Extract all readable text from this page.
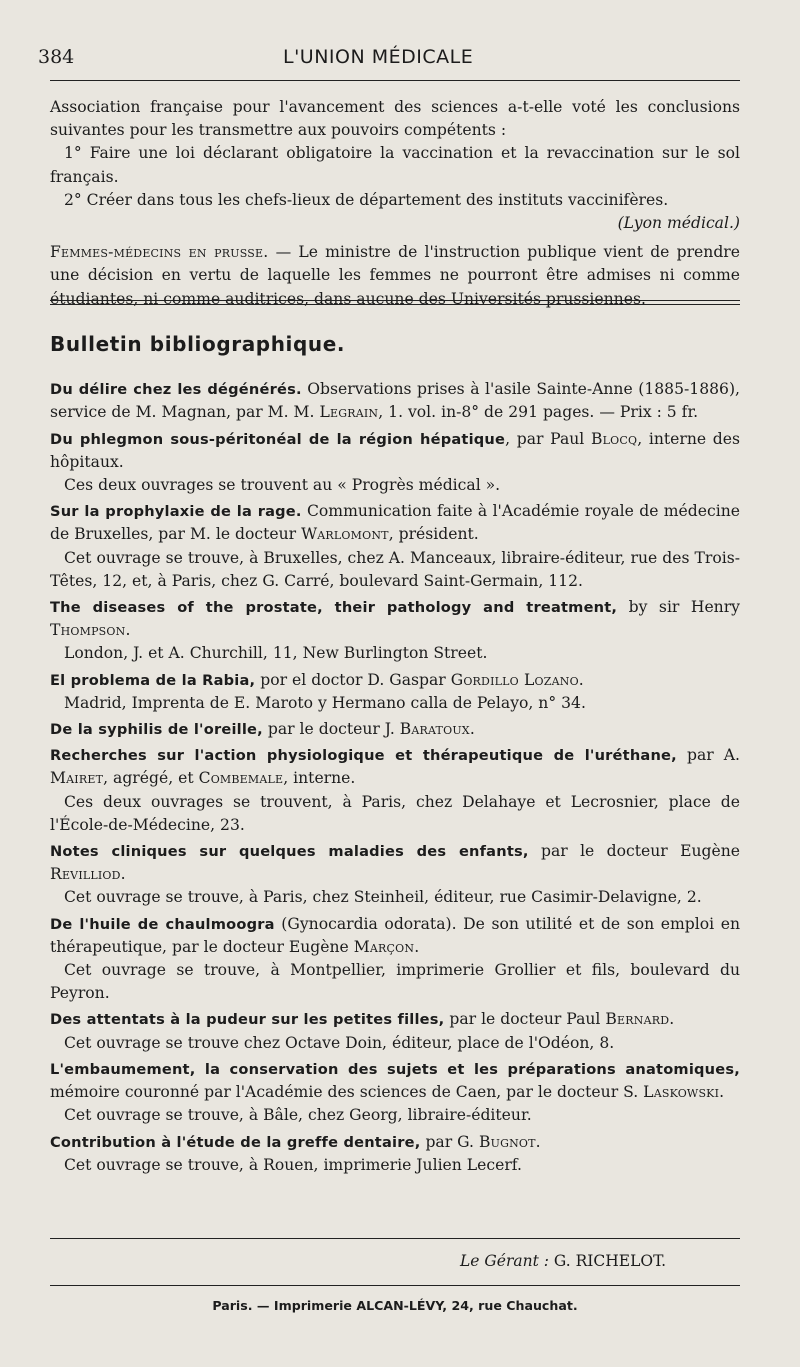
384	L'UNION MÉDICALE

Association française pour l'avancement des sciences a-t-elle voté les conclusions suivantes pour les transmettre aux pouvoirs compétents :

1° Faire une loi déclarant obligatoire la vaccination et la revaccination sur le sol français.

2° Créer dans tous les chefs-lieux de département des instituts vaccinifères.

(Lyon médical.)

Femmes-médecins en prusse. — Le ministre de l'instruction publique vient de prendre une décision en vertu de laquelle les femmes ne pourront être admises ni comme étudiantes, ni comme auditrices, dans aucune des Universités prussiennes.

Bulletin bibliographique.

Du délire chez les dégénérés. Observations prises à l'asile Sainte-Anne (1885-1886), service de M. Magnan, par M. M. Legrain, 1. vol. in-8° de 291 pages. — Prix : 5 fr.

Du phlegmon sous-péritonéal de la région hépatique, par Paul Blocq, interne des hôpitaux.

Ces deux ouvrages se trouvent au « Progrès médical ».

Sur la prophylaxie de la rage. Communication faite à l'Académie royale de médecine de Bruxelles, par M. le docteur Warlomont, président.

Cet ouvrage se trouve, à Bruxelles, chez A. Manceaux, libraire-éditeur, rue des Trois-Têtes, 12, et, à Paris, chez G. Carré, boulevard Saint-Germain, 112.

The diseases of the prostate, their pathology and treatment, by sir Henry Thompson.

London, J. et A. Churchill, 11, New Burlington Street.

El problema de la Rabia, por el doctor D. Gaspar Gordillo Lozano.

Madrid, Imprenta de E. Maroto y Hermano calla de Pelayo, n° 34.

De la syphilis de l'oreille, par le docteur J. Baratoux.

Recherches sur l'action physiologique et thérapeutique de l'uréthane, par A. Mairet, agrégé, et Combemale, interne.

Ces deux ouvrages se trouvent, à Paris, chez Delahaye et Lecrosnier, place de l'École-de-Médecine, 23.

Notes cliniques sur quelques maladies des enfants, par le docteur Eugène Revilliod.

Cet ouvrage se trouve, à Paris, chez Steinheil, éditeur, rue Casimir-Delavigne, 2.

De l'huile de chaulmoogra (Gynocardia odorata). De son utilité et de son emploi en thérapeutique, par le docteur Eugène Marçon.

Cet ouvrage se trouve, à Montpellier, imprimerie Grollier et fils, boulevard du Peyron.

Des attentats à la pudeur sur les petites filles, par le docteur Paul Bernard.

Cet ouvrage se trouve chez Octave Doin, éditeur, place de l'Odéon, 8.

L'embaumement, la conservation des sujets et les préparations anatomiques, mémoire couronné par l'Académie des sciences de Caen, par le docteur S. Laskowski.

Cet ouvrage se trouve, à Bâle, chez Georg, libraire-éditeur.

Contribution à l'étude de la greffe dentaire, par G. Bugnot.

Cet ouvrage se trouve, à Rouen, imprimerie Julien Lecerf.

Le Gérant : G. RICHELOT.
Paris. — Imprimerie ALCAN-LÉVY, 24, rue Chauchat.
